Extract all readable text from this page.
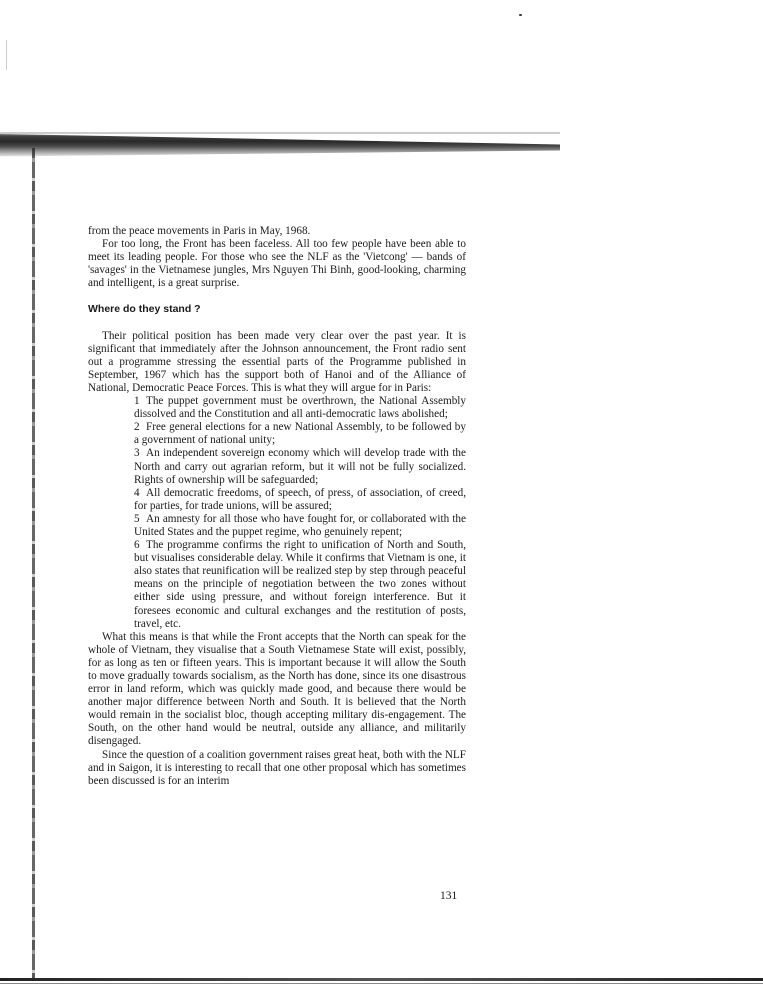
from the peace movements in Paris in May, 1968.

For too long, the Front has been faceless. All too few people have been able to meet its leading people. For those who see the NLF as the 'Vietcong' — bands of 'savages' in the Vietnamese jungles, Mrs Nguyen Thi Binh, good-looking, charming and intelligent, is a great surprise.

Where do they stand ?

Their political position has been made very clear over the past year. It is significant that immediately after the Johnson announcement, the Front radio sent out a programme stressing the essential parts of the Programme published in September, 1967 which has the support both of Hanoi and of the Alliance of National, Democratic Peace Forces. This is what they will argue for in Paris:

1 The puppet government must be overthrown, the National Assembly dissolved and the Constitution and all anti-democratic laws abolished;
2 Free general elections for a new National Assembly, to be followed by a government of national unity;
3 An independent sovereign economy which will develop trade with the North and carry out agrarian reform, but it will not be fully socialized. Rights of ownership will be safeguarded;
4 All democratic freedoms, of speech, of press, of association, of creed, for parties, for trade unions, will be assured;
5 An amnesty for all those who have fought for, or collaborated with the United States and the puppet regime, who genuinely repent;
6 The programme confirms the right to unification of North and South, but visualises considerable delay. While it confirms that Vietnam is one, it also states that reunification will be realized step by step through peaceful means on the principle of negotiation between the two zones without either side using pressure, and without foreign interference. But it foresees economic and cultural exchanges and the restitution of posts, travel, etc.

What this means is that while the Front accepts that the North can speak for the whole of Vietnam, they visualise that a South Vietnamese State will exist, possibly, for as long as ten or fifteen years. This is important because it will allow the South to move gradually towards socialism, as the North has done, since its one disastrous error in land reform, which was quickly made good, and because there would be another major difference between North and South. It is believed that the North would remain in the socialist bloc, though accepting military dis-engagement. The South, on the other hand would be neutral, outside any alliance, and militarily disengaged.

Since the question of a coalition government raises great heat, both with the NLF and in Saigon, it is interesting to recall that one other proposal which has sometimes been discussed is for an interim

131
